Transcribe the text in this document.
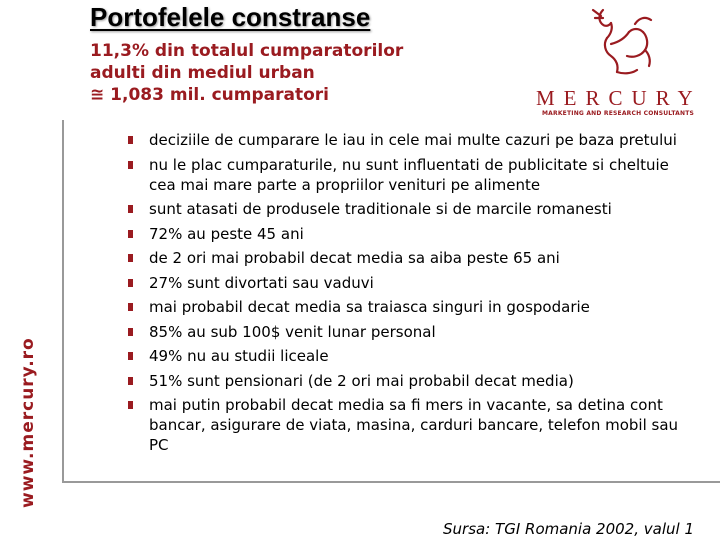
www.mercury.ro
Portofelele constranse
11,3% din totalul cumparatorilor
adulti din mediul urban
≅ 1,083 mil. cumparatori	MERCURY
MARKETING AND RESEARCH CONSULTANTS
deciziile de cumparare le iau in cele mai multe cazuri pe baza pretului
nu le plac cumparaturile, nu sunt influentati de publicitate si cheltuie cea mai mare parte a propriilor venituri pe alimente
sunt atasati de produsele traditionale si de marcile romanesti
72% au peste 45 ani
de 2 ori mai probabil decat media sa aiba peste 65 ani
27% sunt divortati sau vaduvi
mai probabil decat media sa traiasca singuri in gospodarie
85% au sub 100$ venit lunar personal
49% nu au studii liceale
51% sunt pensionari (de 2 ori mai probabil decat media)
mai putin probabil decat media sa fi mers in vacante, sa detina cont bancar, asigurare de viata, masina, carduri bancare, telefon mobil sau PC
Sursa: TGI Romania 2002, valul 1
